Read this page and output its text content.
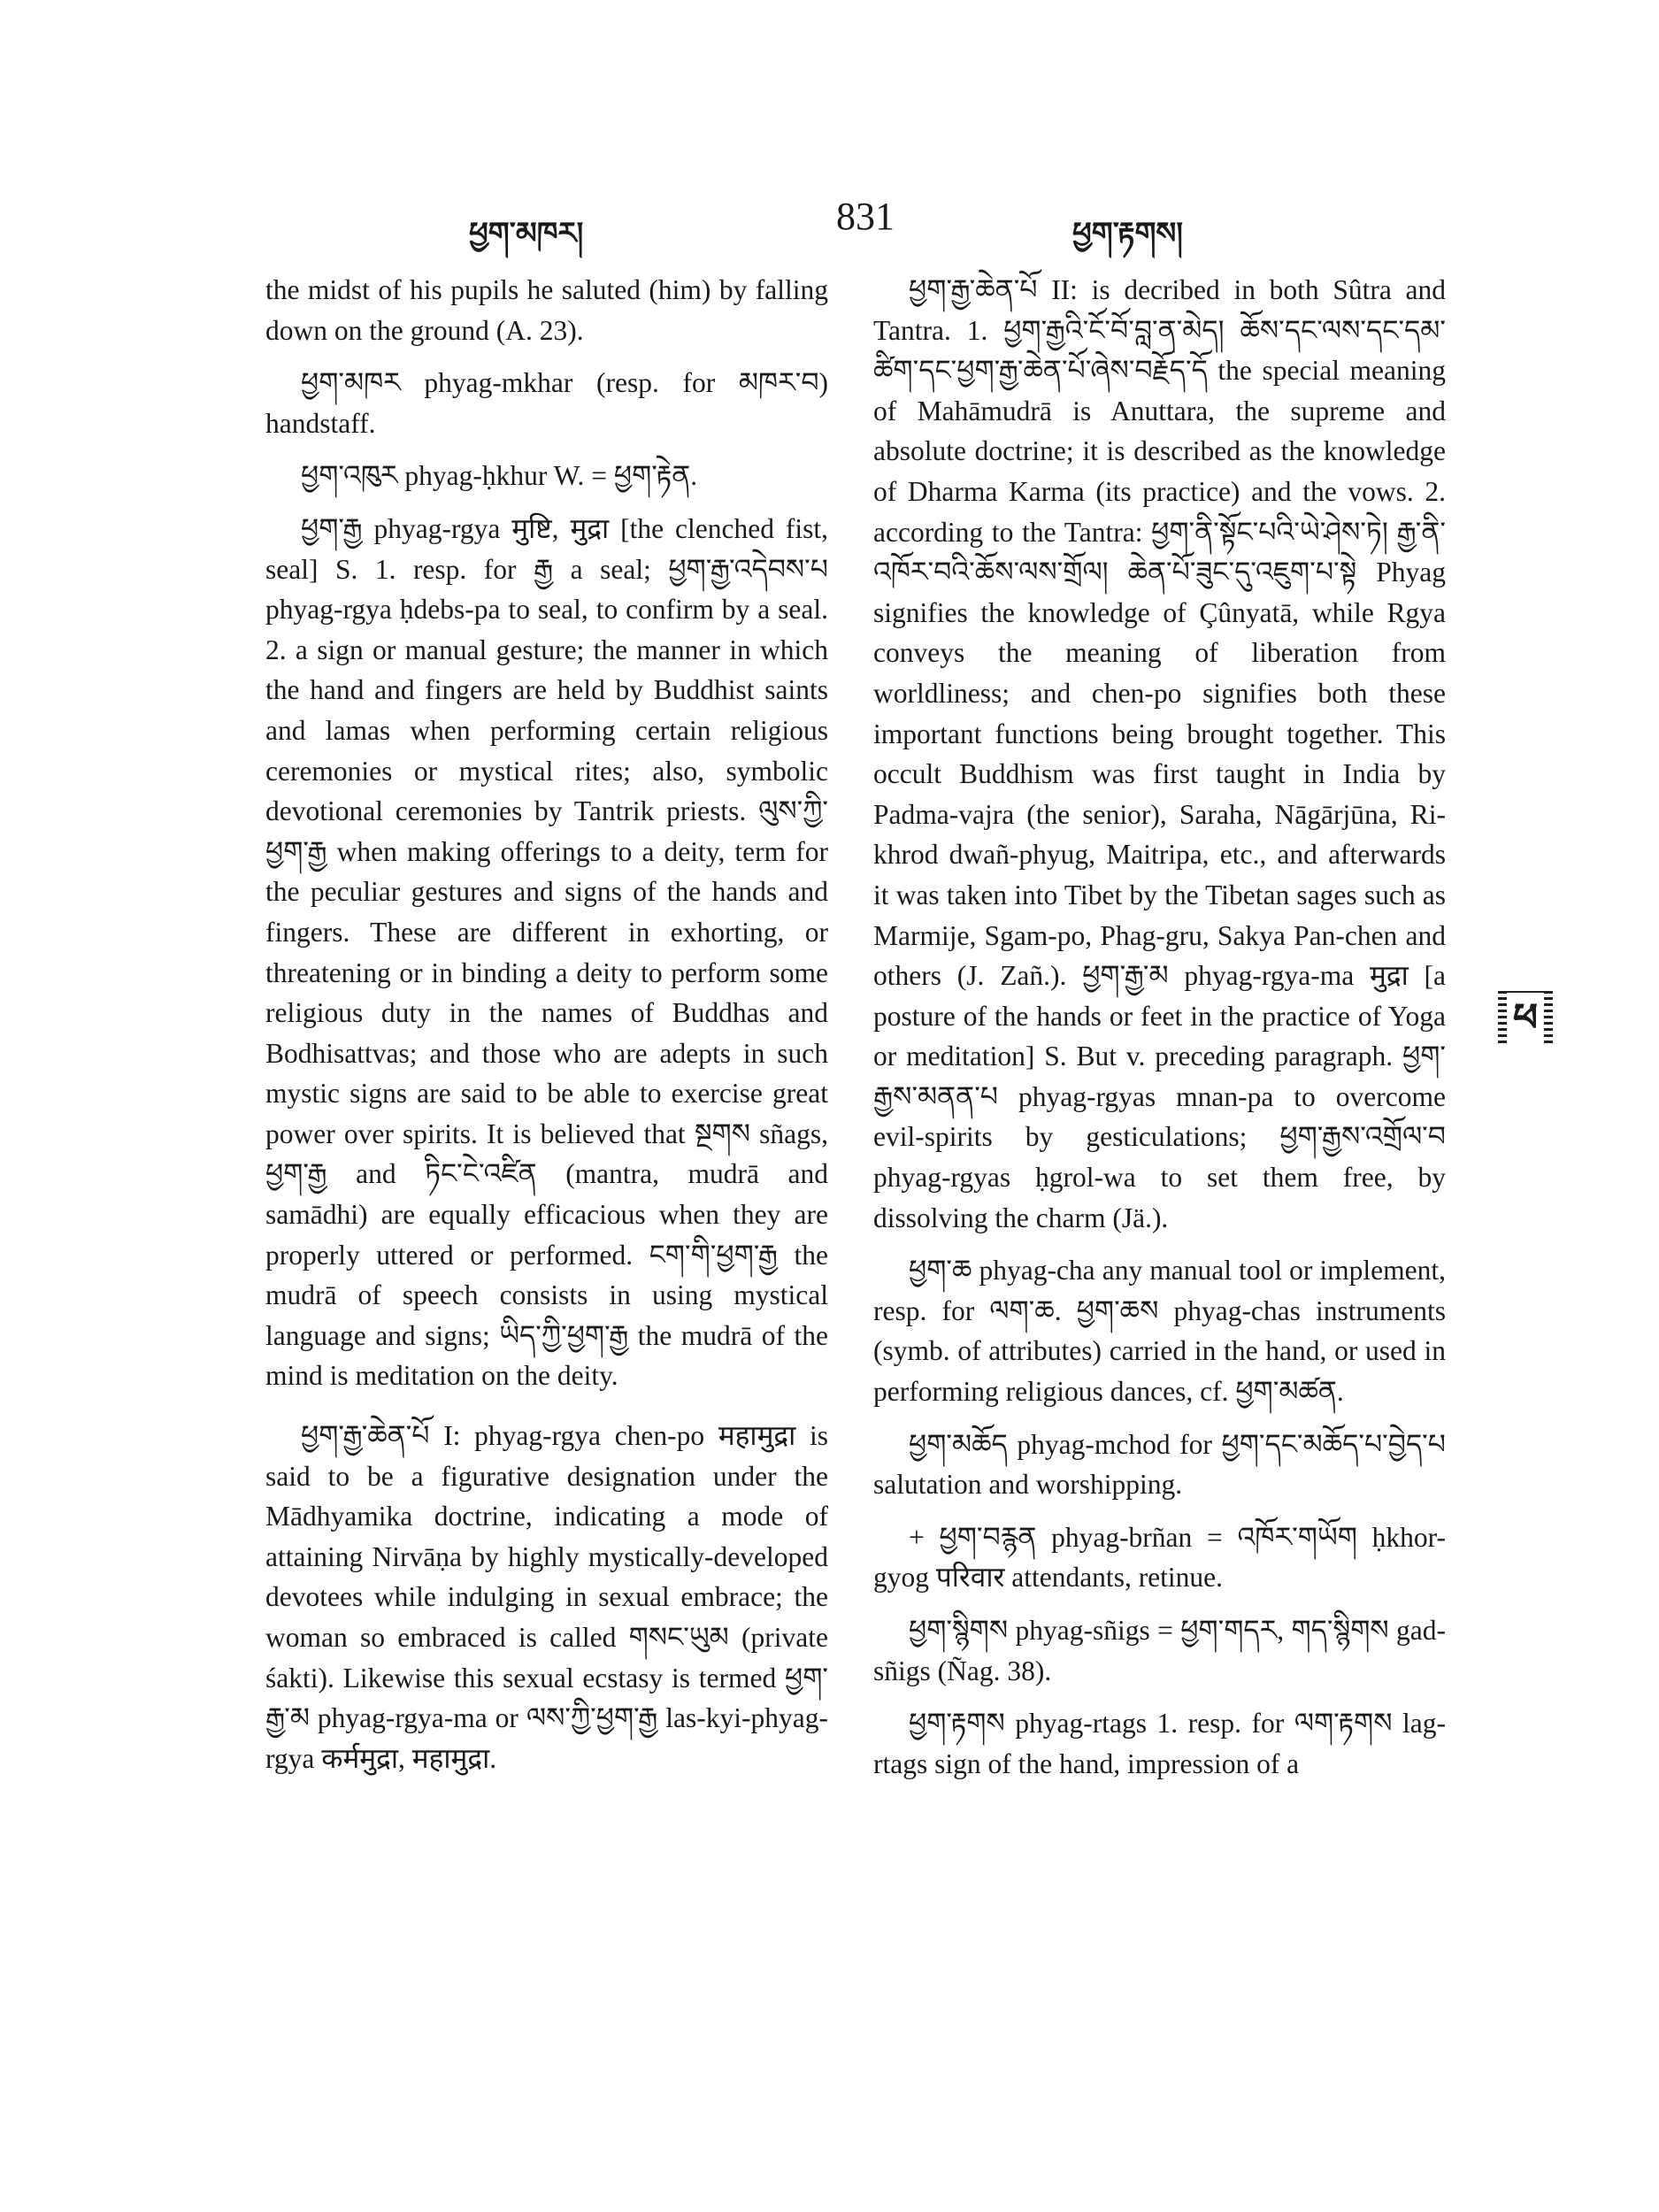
ཕྱག་མཁར།	831	ཕྱག་རྟགས།

the midst of his pupils he saluted (him) by falling down on the ground (A. 23).

ཕྱག་མཁར phyag-mkhar (resp. for མཁར་བ) handstaff.

ཕྱག་འཁུར phyag-ḥkhur W. = ཕྱག་རྟེན.

ཕྱག་རྒྱ phyag-rgya मुष्टि, मुद्रा [the clenched fist, seal] S. 1. resp. for རྒྱ a seal; ཕྱག་རྒྱ་འདེབས་པ phyag-rgya ḥdebs-pa to seal, to confirm by a seal. 2. a sign or manual gesture; the manner in which the hand and fingers are held by Buddhist saints and lamas when performing certain religious ceremonies or mystical rites; also, symbolic devotional ceremonies by Tantrik priests. ལུས་ཀྱི་ཕྱག་རྒྱ when making offerings to a deity, term for the peculiar gestures and signs of the hands and fingers. These are different in exhorting, or threatening or in binding a deity to perform some religious duty in the names of Buddhas and Bodhisattvas; and those who are adepts in such mystic signs are said to be able to exercise great power over spirits. It is believed that སྔགས sñags, ཕྱག་རྒྱ and ཏིང་ངེ་འཛིན (mantra, mudrā and samādhi) are equally efficacious when they are properly uttered or performed. ངག་གི་ཕྱག་རྒྱ the mudrā of speech consists in using mystical language and signs; ཡིད་ཀྱི་ཕྱག་རྒྱ the mudrā of the mind is meditation on the deity.

ཕྱག་རྒྱ་ཆེན་པོ I: phyag-rgya chen-po महामुद्रा is said to be a figurative designation under the Mādhyamika doctrine, indicating a mode of attaining Nirvāṇa by highly mystically-developed devotees while indulging in sexual embrace; the woman so embraced is called གསང་ཡུམ (private śakti). Likewise this sexual ecstasy is termed ཕྱག་རྒྱ་མ phyag-rgya-ma or ལས་ཀྱི་ཕྱག་རྒྱ las-kyi-phyag-rgya कर्ममुद्रा, महामुद्रा.

ཕྱག་རྒྱ་ཆེན་པོ II: is decribed in both Sûtra and Tantra. 1. ཕྱག་རྒྱའི་ངོ་བོ་བླ་ན་མེད། ཆོས་དང་ལས་དང་དམ་ཚིག་དང་ཕྱག་རྒྱ་ཆེན་པོ་ཞེས་བརྗོད་དོ the special meaning of Mahāmudrā is Anuttara, the supreme and absolute doctrine; it is described as the knowledge of Dharma Karma (its practice) and the vows. 2. according to the Tantra: ཕྱག་ནི་སྟོང་པའི་ཡེ་ཤེས་ཏེ། རྒྱ་ནི་འཁོར་བའི་ཆོས་ལས་གྲོལ། ཆེན་པོ་ཟུང་དུ་འཇུག་པ་སྟེ Phyag signifies the knowledge of Çûnyatā, while Rgya conveys the meaning of liberation from worldliness; and chen-po signifies both these important functions being brought together. This occult Buddhism was first taught in India by Padma-vajra (the senior), Saraha, Nāgārjūna, Ri-khrod dwañ-phyug, Maitripa, etc., and afterwards it was taken into Tibet by the Tibetan sages such as Marmije, Sgam-po, Phag-gru, Sakya Pan-chen and others (J. Zañ.). ཕྱག་རྒྱ་མ phyag-rgya-ma मुद्रा [a posture of the hands or feet in the practice of Yoga or meditation] S. But v. preceding paragraph. ཕྱག་རྒྱས་མནན་པ phyag-rgyas mnan-pa to overcome evil-spirits by gesticulations; ཕྱག་རྒྱས་འགྲོལ་བ phyag-rgyas ḥgrol-wa to set them free, by dissolving the charm (Jä.).

ཕྱག་ཆ phyag-cha any manual tool or implement, resp. for ལག་ཆ. ཕྱག་ཆས phyag-chas instruments (symb. of attributes) carried in the hand, or used in performing religious dances, cf. ཕྱག་མཚན.

ཕྱག་མཆོད phyag-mchod for ཕྱག་དང་མཆོད་པ་བྱེད་པ salutation and worshipping.

+ ཕྱག་བརྙན phyag-brñan = འཁོར་གཡོག ḥkhor-gyog परिवार attendants, retinue.

ཕྱག་སྙིགས phyag-sñigs = ཕྱག་གདར, གད་སྙིགས gad-sñigs (Ñag. 38).

ཕྱག་རྟགས phyag-rtags 1. resp. for ལག་རྟགས lag-rtags sign of the hand, impression of a

ཕ
